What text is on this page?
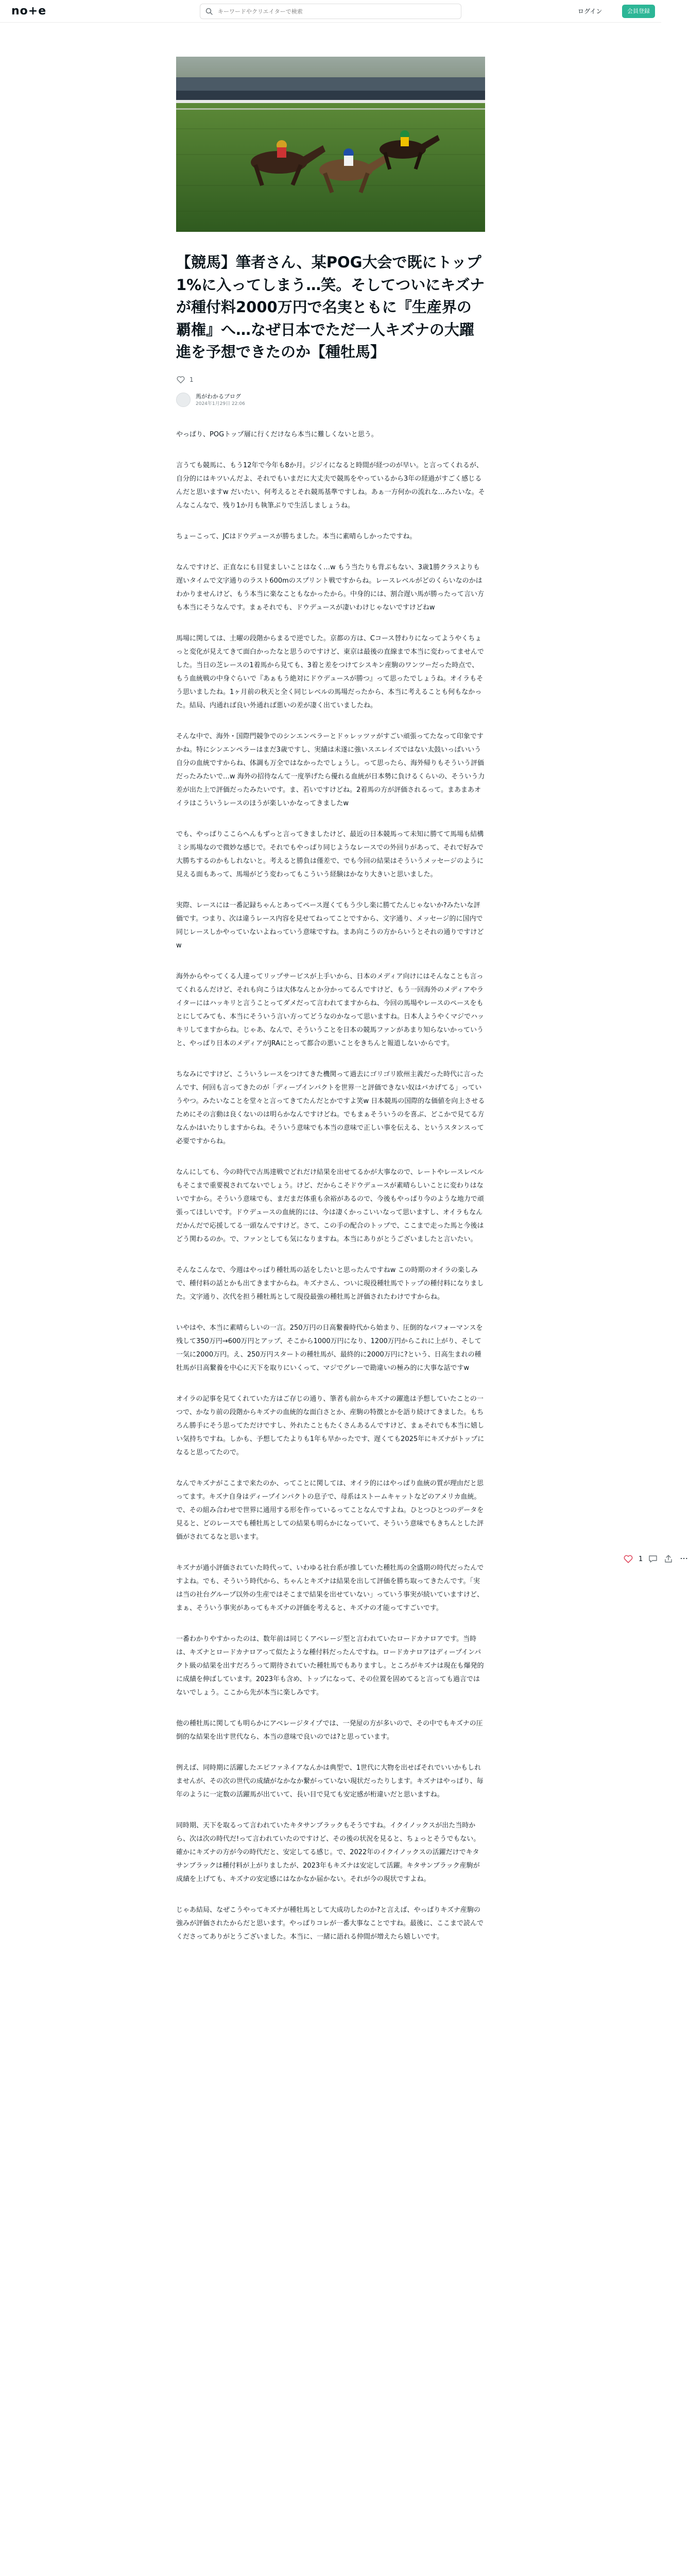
no+e
キーワードやクリエイターで検索	ログイン	会員登録
【競馬】筆者さん、某POG大会で既にトップ1%に入ってしまう…笑。そしてついにキズナが種付料2000万円で名実ともに『生産界の覇権』へ…なぜ日本でただ一人キズナの大躍進を予想できたのか【種牡馬】
1
馬がわかるブログ
2024年1月29日 22:06

やっぱり、POGトップ層に行くだけなら本当に難しくないと思う。

言うても競馬に、もう12年で今年も8か月。ジジイになると時間が経つのが早い。と言ってくれるが、自分的にはキツいんだよ、それでもいまだに大丈夫で競馬をやっているから3年の経過がすごく感じるんだと思いますw だいたい、何考えるとそれ競馬基準ですしね。あぁ一方何かの流れな…みたいな。そんなこんなで、残り1か月も執筆ぶりで生活しましょうね。

ちょーこって、JCはドウデュースが勝ちました。本当に素晴らしかったですね。

なんですけど、正直なにも目覚ましいことはなく…w もう当たりも背ぶもない、3歳1勝クラスよりも遅いタイムで文字通りのラスト600mのスプリント戦ですからね。レースレベルがどのくらいなのかはわかりませんけど、もう本当に楽なこともなかったから。中身的には、割合遅い馬が勝ったって言い方も本当にそうなんです。まぁそれでも、ドウデュースが凄いわけじゃないですけどねw

馬場に関しては、土曜の段階からまるで逆でした。京都の方は、Cコース替わりになってようやくちょっと変化が見えてきて面白かったなと思うのですけど、東京は最後の直線まで本当に変わってませんでした。当日の芝レースの1着馬から見ても、3着と差をつけてシスキン産駒のワンツーだった時点で、もう血統戦の中身ぐらいで『あぁもう絶対にドウデュースが勝つ』って思ったでしょうね。オイラもそう思いましたね。1ヶ月前の秋天と全く同じレベルの馬場だったから、本当に考えることも何もなかった。結局、内通れば良い外通れば悪いの差が凄く出ていましたね。

そんな中で、海外・国際門競争でのシンエンペラーとドゥレッツァがすごい頑張ってたなって印象ですかね。特にシンエンペラーはまだ3歳ですし、実績は未遂に強いスエレイズではない太鼓いっぱいいう自分の血統ですからね、体調も万全ではなかったでしょうし。って思ったら、海外帰りもそういう評価だったみたいで…w 海外の招待なんて一度挙げたら優れる血統が日本勢に負けるくらいの、そういう力差が出た上で評価だったみたいです。ま、若いですけどね。2着馬の方が評価されるって。まあまあオイラはこういうレースのほうが楽しいかなってきましたw

でも、やっぱりここらへんもずっと言ってきましたけど、最近の日本競馬って未知に勝てて馬場も結構ミシ馬場なので微妙な感じで。それでもやっぱり同じようなレースでの外回りがあって、それで好みで大勝ちするのかもしれないと。考えると勝負は僅差で、でも今回の結果はそういうメッセージのように見える面もあって、馬場がどう変わってもこういう経験はかなり大きいと思いました。

実際、レースには一番記録ちゃんとあってペース遅くてもう少し楽に勝てたんじゃないか?みたいな評価です。つまり、次は違うレース内容を見せてねってことですから、文字通り、メッセージ的に国内で同じレースしかやっていないよねっていう意味ですね。まあ向こうの方からいうとそれの通りですけどw

海外からやってくる人達ってリップサービスが上手いから、日本のメディア向けにはそんなことも言ってくれるんだけど、それも向こうは大体なんとか分かってるんですけど、もう一回海外のメディアやライターにはハッキリと言うことってダメだって言われてますからね、今回の馬場やレースのペースをもとにしてみても、本当にそういう言い方ってどうなのかなって思いますね。日本人ようやくマジでハッキリしてますからね。じゃあ、なんで、そういうことを日本の競馬ファンがあまり知らないかっていうと、やっぱり日本のメディアがJRAにとって都合の悪いことをきちんと報道しないからです。

ちなみにですけど、こういうレースをつけてきた機関って過去にゴリゴリ欧州主義だった時代に言ったんです、何回も言ってきたのが「ディープインパクトを世界一と評価できない奴はバカげてる」っていうやつ。みたいなことを堂々と言ってきてたんだとかですよ笑w 日本競馬の国際的な価値を向上させるためにその言動は良くないのは明らかなんですけどね。でもまぁそういうのを喜ぶ、どこかで見てる方なんかはいたりしますからね。そういう意味でも本当の意味で正しい事を伝える、というスタンスって必要ですからね。

なんにしても、今の時代で古馬達戦でどれだけ結果を出せてるかが大事なので、レートやレースレベルもそこまで重要視されてないでしょう。けど、だからこそドウデュースが素晴らしいことに変わりはないですから。そういう意味でも、まだまだ体重も余裕があるので、今後もやっぱり今のような地力で頑張ってほしいです。ドウデュースの血統的には、今は凄くかっこいいなって思いますし、オイラもなんだかんだで応援してる一頭なんですけど。さて、この手の配合のトップで、ここまで走った馬と今後はどう関わるのか。で、ファンとしても気になりますね。本当にありがとうございましたと言いたい。

そんなこんなで、今週はやっぱり種牡馬の話をしたいと思ったんですねw この時期のオイラの楽しみで、種付料の話とかも出てきますからね。キズナさん、ついに現役種牡馬でトップの種付料になりました。文字通り、次代を担う種牡馬として現役最強の種牡馬と評価されたわけですからね。

いやはや、本当に素晴らしいの一言。250万円の日高繋養時代から始まり、圧倒的なパフォーマンスを残して350万円→600万円とアップ、そこから1000万円になり、1200万円からこれに上がり、そして一気に2000万円。え、250万円スタートの種牡馬が、最終的に2000万円に?という、日高生まれの種牡馬が日高繋養を中心に天下を取りにいくって、マジでグレーで勘違いの極み的に大事な話ですw

オイラの記事を見てくれていた方はご存じの通り、筆者も前からキズナの躍進は予想していたことの一つで、かなり前の段階からキズナの血統的な面白さとか、産駒の特徴とかを語り続けてきました。もちろん勝手にそう思ってただけですし、外れたこともたくさんあるんですけど、まぁそれでも本当に嬉しい気持ちですね。しかも、予想してたよりも1年も早かったです、遅くても2025年にキズナがトップになると思ってたので。

なんでキズナがここまで来たのか、ってことに関しては、オイラ的にはやっぱり血統の質が理由だと思ってます。キズナ自身はディープインパクトの息子で、母系はストームキャットなどのアメリカ血統。で、その組み合わせで世界に通用する形を作っているってことなんですよね。ひとつひとつのデータを見ると、どのレースでも種牡馬としての結果も明らかになっていて、そういう意味でもきちんとした評価がされてるなと思います。

キズナが過小評価されていた時代って、いわゆる社台系が推していた種牡馬の全盛期の時代だったんですよね。でも、そういう時代から、ちゃんとキズナは結果を出して評価を勝ち取ってきたんです。「実は当の社台グループ以外の生産ではそこまで結果を出せていない」っていう事実が続いていますけど、まぁ、そういう事実があってもキズナの評価を考えると、キズナの才能ってすごいです。

一番わかりやすかったのは、数年前は同じくアベレージ型と言われていたロードカナロアです。当時は、キズナとロードカナロアって似たような種付料だったんですね。ロードカナロアはディープインパクト級の結果を出すだろうって期待されていた種牡馬でもありますし。ところがキズナは現在も爆発的に成績を伸ばしています。2023年も含め、トップになって、その位置を固めてると言っても過言ではないでしょう。ここから先が本当に楽しみです。

他の種牡馬に関しても明らかにアベレージタイプでは、一発屋の方が多いので、その中でもキズナの圧倒的な結果を出す世代なら、本当の意味で良いのでは?と思っています。

例えば、同時期に活躍したエピファネイアなんかは典型で、1世代に大物を出せばそれでいいかもしれませんが、その次の世代の成績がなかなか繋がっていない現状だったりします。キズナはやっぱり、毎年のように一定数の活躍馬が出ていて、長い目で見ても安定感が桁違いだと思いますね。

同時期、天下を取るって言われていたキタサンブラックもそうですね。イクイノックスが出た当時から、次は次の時代だ!って言われていたのですけど、その後の状況を見ると、ちょっとそうでもない。確かにキズナの方が今の時代だと、安定してる感じ。で、2022年のイクイノックスの活躍だけでキタサンブラックは種付料が上がりましたが、2023年もキズナは安定して活躍。キタサンブラック産駒が成績を上げても、キズナの安定感にはなかなか届かない。それが今の現状ですよね。

じゃあ結局、なぜこうやってキズナが種牡馬として大成功したのか?と言えば、やっぱりキズナ産駒の強みが評価されたからだと思います。やっぱりコレが一番大事なことですね。最後に、ここまで読んでくださってありがとうございました。本当に、一緒に語れる仲間が増えたら嬉しいです。

1	⋯
